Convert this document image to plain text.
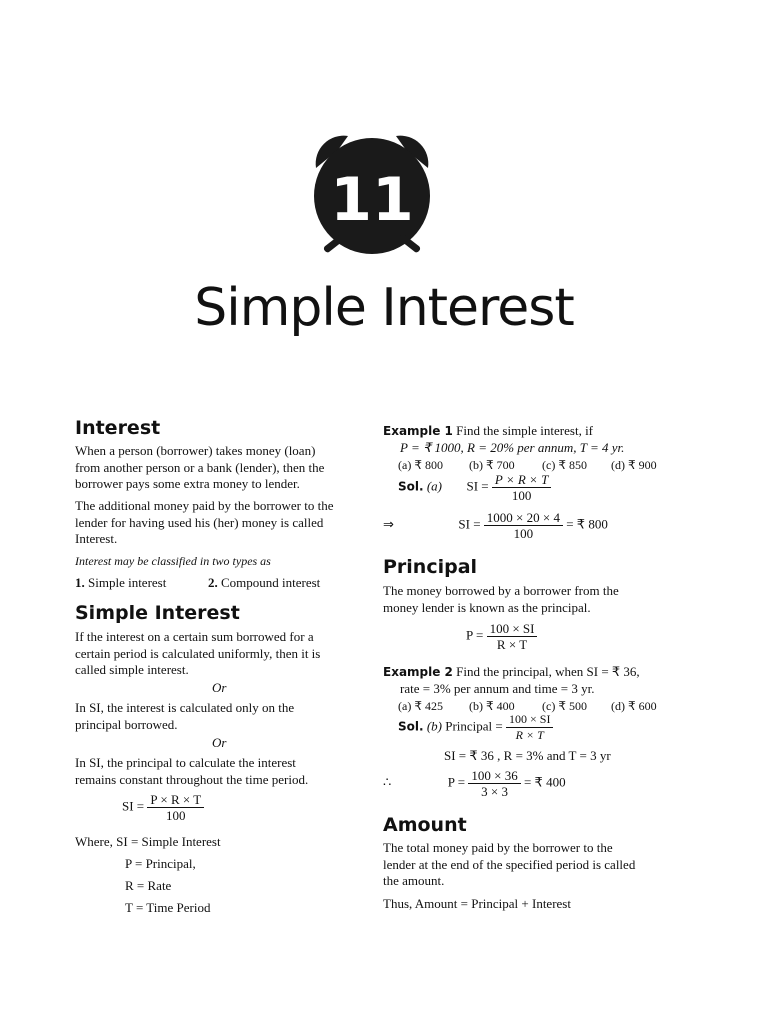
11
Simple Interest
Interest
When a person (borrower) takes money (loan)
from another person or a bank (lender), then the
borrower pays some extra money to lender.
The additional money paid by the borrower to the
lender for having used his (her) money is called
Interest.
Interest may be classified in two types as
1. Simple interest	2. Compound interest
Simple Interest
If the interest on a certain sum borrowed for a
certain period is calculated uniformly, then it is
called simple interest.
Or
In SI, the interest is calculated only on the
principal borrowed.
Or
In SI, the principal to calculate the interest
remains constant throughout the time period.
SI = $\frac{P \times R \times T}{100}$
Where, SI = Simple Interest
P = Principal,
R = Rate
T = Time Period
Example 1 Find the simple interest, if
P = ₹ 1000, R = 20% per annum, T = 4 yr.
(a) ₹ 800 (b) ₹ 700 (c) ₹ 850 (d) ₹ 900
Sol. (a) SI = $\frac{P \times R \times T}{100}$
⇒	SI = $\frac{1000 \times 20 \times 4}{100}$ = ₹ 800
Principal
The money borrowed by a borrower from the
money lender is known as the principal.
$P = \frac{100 \times SI}{R \times T}$
Example 2 Find the principal, when SI = ₹ 36,
rate = 3% per annum and time = 3 yr.
(a) ₹ 425 (b) ₹ 400 (c) ₹ 500 (d) ₹ 600
Sol. (b) Principal = $\frac{100 \times SI}{R \times T}$
SI = ₹ 36 , R = 3% and T = 3 yr
∴	$P = \frac{100 \times 36}{3 \times 3}$ = ₹ 400
Amount
The total money paid by the borrower to the
lender at the end of the specified period is called
the amount.
Thus, Amount = Principal + Interest
